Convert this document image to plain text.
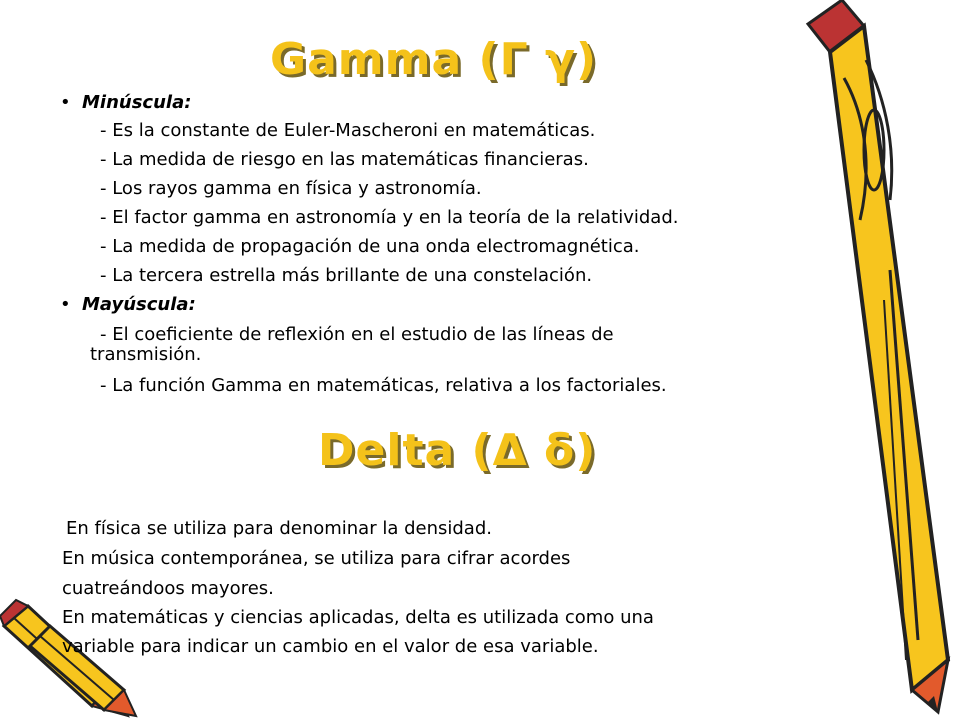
Gamma (Γ γ)
• Minúscula:
- Es la constante de Euler-Mascheroni en matemáticas.
- La medida de riesgo en las matemáticas financieras.
- Los rayos gamma en física y astronomía.
- El factor gamma en astronomía y en la teoría de la relatividad.
- La medida de propagación de una onda electromagnética.
- La tercera estrella más brillante de una constelación.
• Mayúscula:
- El coeficiente de reflexión en el estudio de las líneas de
transmisión.
- La función Gamma en matemáticas, relativa a los factoriales.
Delta (Δ δ)
En física se utiliza para denominar la densidad.
En música contemporánea, se utiliza para cifrar acordes
cuatreándoos mayores.
En matemáticas y ciencias aplicadas, delta es utilizada como una
variable para indicar un cambio en el valor de esa variable.
